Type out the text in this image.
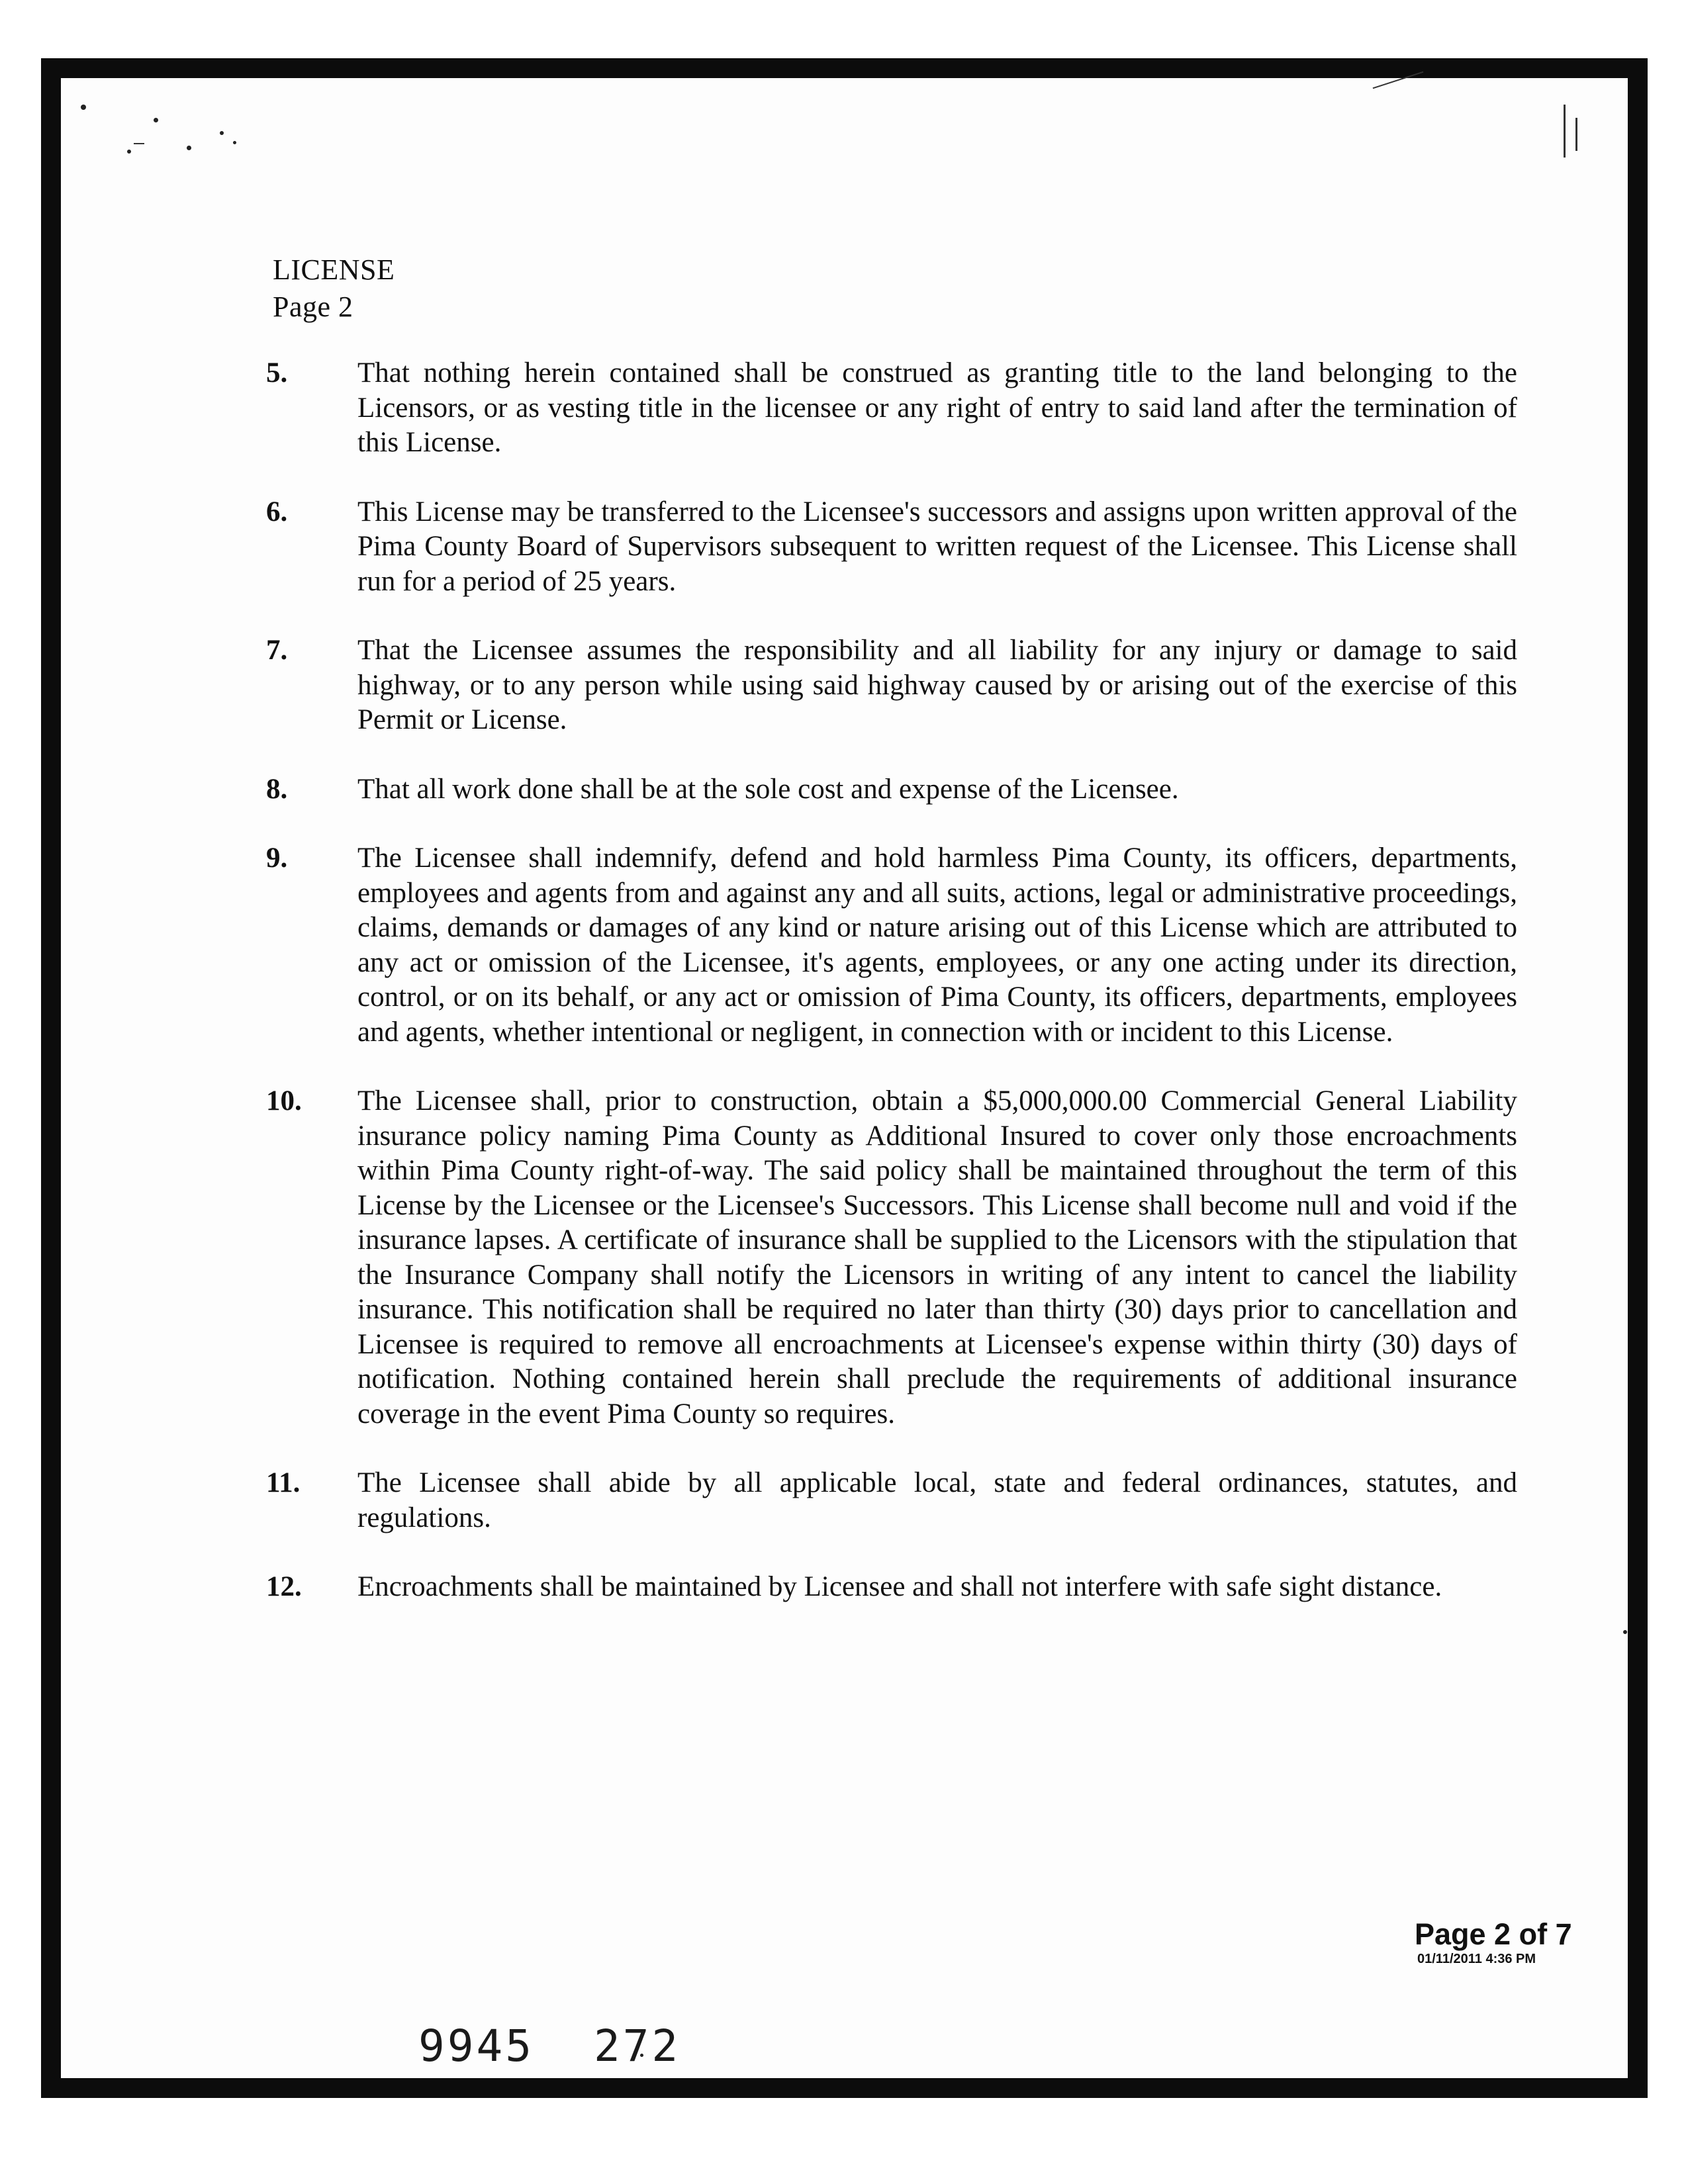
LICENSE
Page 2
5. That nothing herein contained shall be construed as granting title to the land belonging to the Licensors, or as vesting title in the licensee or any right of entry to said land after the termination of this License.
6. This License may be transferred to the Licensee's successors and assigns upon written approval of the Pima County Board of Supervisors subsequent to written request of the Licensee. This License shall run for a period of 25 years.
7. That the Licensee assumes the responsibility and all liability for any injury or damage to said highway, or to any person while using said highway caused by or arising out of the exercise of this Permit or License.
8. That all work done shall be at the sole cost and expense of the Licensee.
9. The Licensee shall indemnify, defend and hold harmless Pima County, its officers, departments, employees and agents from and against any and all suits, actions, legal or administrative proceedings, claims, demands or damages of any kind or nature arising out of this License which are attributed to any act or omission of the Licensee, it's agents, employees, or any one acting under its direction, control, or on its behalf, or any act or omission of Pima County, its officers, departments, employees and agents, whether intentional or negligent, in connection with or incident to this License.
10. The Licensee shall, prior to construction, obtain a $5,000,000.00 Commercial General Liability insurance policy naming Pima County as Additional Insured to cover only those encroachments within Pima County right-of-way. The said policy shall be maintained throughout the term of this License by the Licensee or the Licensee's Successors. This License shall become null and void if the insurance lapses. A certificate of insurance shall be supplied to the Licensors with the stipulation that the Insurance Company shall notify the Licensors in writing of any intent to cancel the liability insurance. This notification shall be required no later than thirty (30) days prior to cancellation and Licensee is required to remove all encroachments at Licensee's expense within thirty (30) days of notification. Nothing contained herein shall preclude the requirements of additional insurance coverage in the event Pima County so requires.
11. The Licensee shall abide by all applicable local, state and federal ordinances, statutes, and regulations.
12. Encroachments shall be maintained by Licensee and shall not interfere with safe sight distance.
Page 2 of 7
01/11/2011 4:36 PM
9945 272
